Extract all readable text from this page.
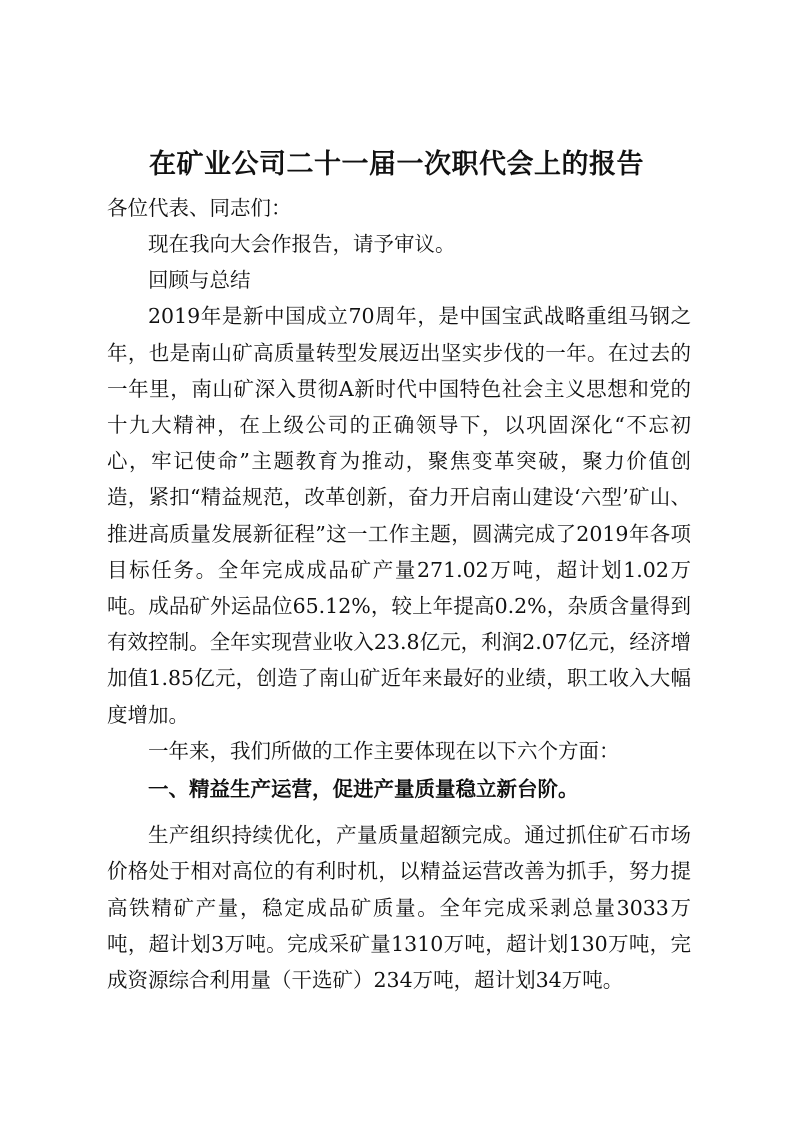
在矿业公司二十一届一次职代会上的报告

各位代表、同志们：

现在我向大会作报告，请予审议。

回顾与总结

2019年是新中国成立70周年，是中国宝武战略重组马钢之年，也是南山矿高质量转型发展迈出坚实步伐的一年。在过去的一年里，南山矿深入贯彻A新时代中国特色社会主义思想和党的十九大精神，在上级公司的正确领导下，以巩固深化“不忘初心，牢记使命”主题教育为推动，聚焦变革突破，聚力价值创造，紧扣“精益规范，改革创新，奋力开启南山建设‘六型’矿山、推进高质量发展新征程”这一工作主题，圆满完成了2019年各项目标任务。全年完成成品矿产量271.02万吨，超计划1.02万吨。成品矿外运品位65.12%，较上年提高0.2%，杂质含量得到有效控制。全年实现营业收入23.8亿元，利润2.07亿元，经济增加值1.85亿元，创造了南山矿近年来最好的业绩，职工收入大幅度增加。

一年来，我们所做的工作主要体现在以下六个方面：

一、精益生产运营，促进产量质量稳立新台阶。

生产组织持续优化，产量质量超额完成。通过抓住矿石市场价格处于相对高位的有利时机，以精益运营改善为抓手，努力提高铁精矿产量，稳定成品矿质量。全年完成采剥总量3033万吨，超计划3万吨。完成采矿量1310万吨，超计划130万吨，完成资源综合利用量（干选矿）234万吨，超计划34万吨。
